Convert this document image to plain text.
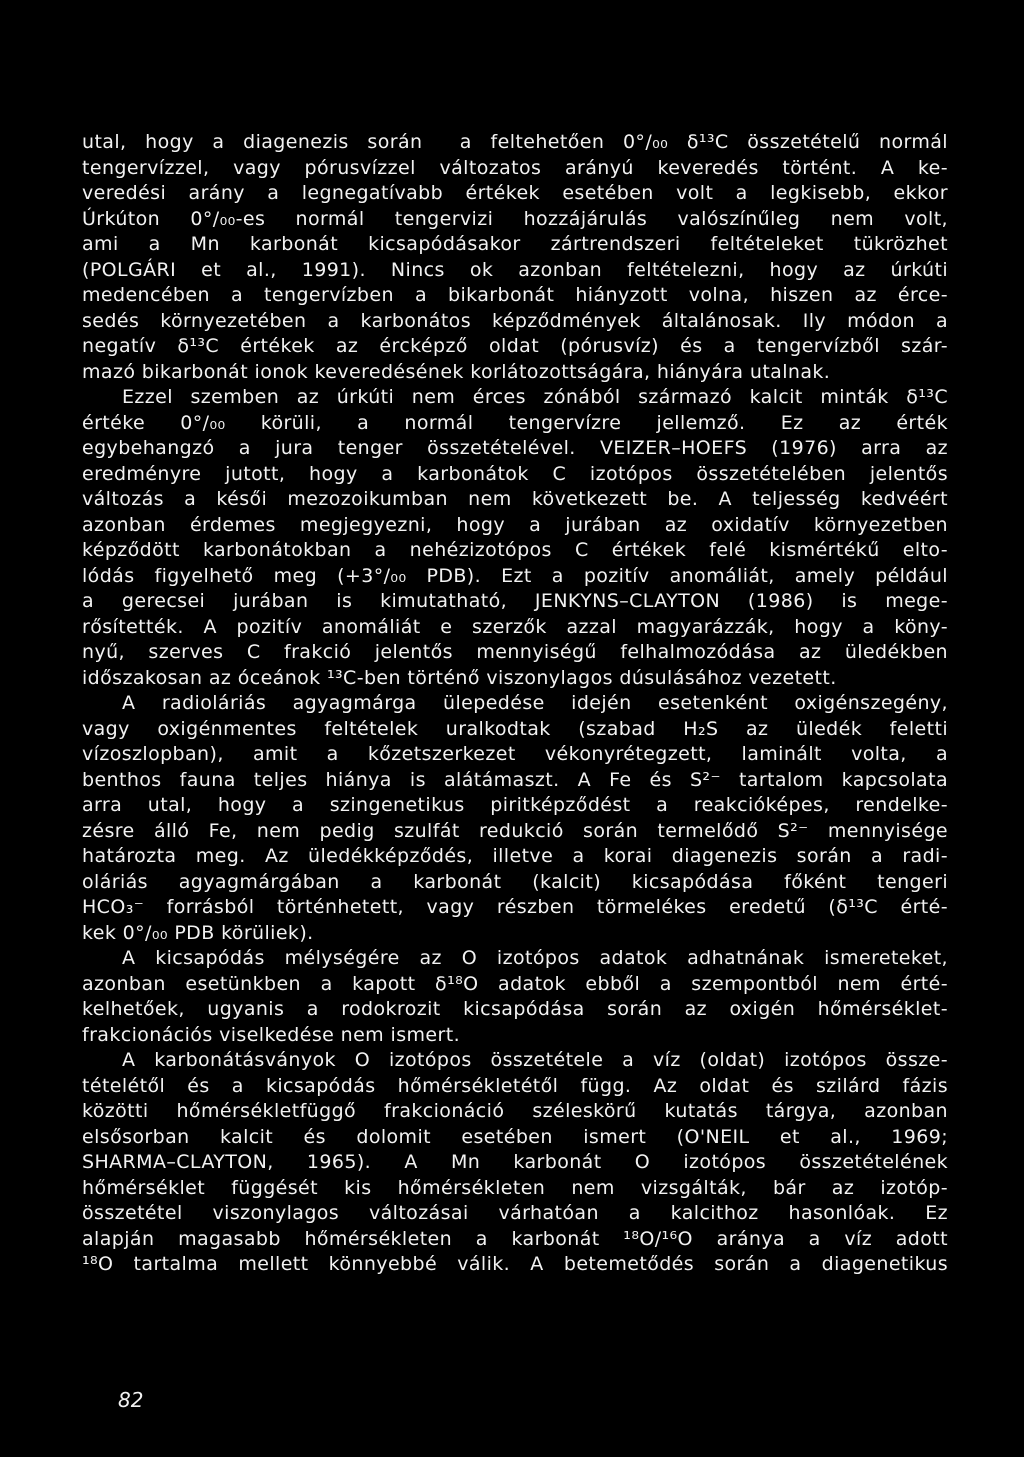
utal, hogy a diagenezis során  a feltehetően 0°/₀₀ δ¹³C összetételű normál
tengervízzel, vagy pórusvízzel változatos arányú keveredés történt. A ke-
veredési arány a legnegatívabb értékek esetében volt a legkisebb, ekkor
Úrkúton 0°/₀₀-es normál tengervizi hozzájárulás valószínűleg nem volt,
ami a Mn karbonát kicsapódásakor zártrendszeri feltételeket tükrözhet
(POLGÁRI et al., 1991). Nincs ok azonban feltételezni, hogy az úrkúti
medencében a tengervízben a bikarbonát hiányzott volna, hiszen az érce-
sedés környezetében a karbonátos képződmények általánosak. Ily módon a
negatív δ¹³C értékek az ércképző oldat (pórusvíz) és a tengervízből szár-
mazó bikarbonát ionok keveredésének korlátozottságára, hiányára utalnak.
Ezzel szemben az úrkúti nem érces zónából származó kalcit minták δ¹³C
értéke 0°/₀₀ körüli, a normál tengervízre jellemző. Ez az érték
egybehangzó a jura tenger összetételével. VEIZER–HOEFS (1976) arra az
eredményre jutott, hogy a karbonátok C izotópos összetételében jelentős
változás a késői mezozoikumban nem következett be. A teljesség kedvéért
azonban érdemes megjegyezni, hogy a jurában az oxidatív környezetben
képződött karbonátokban a nehézizotópos C értékek felé kismértékű elto-
lódás figyelhető meg (+3°/₀₀ PDB). Ezt a pozitív anomáliát, amely például
a gerecsei jurában is kimutatható, JENKYNS–CLAYTON (1986) is mege-
rősítették. A pozitív anomáliát e szerzők azzal magyarázzák, hogy a köny-
nyű, szerves C frakció jelentős mennyiségű felhalmozódása az üledékben
időszakosan az óceánok ¹³C-ben történő viszonylagos dúsulásához vezetett.
A radioláriás agyagmárga ülepedése idején esetenként oxigénszegény,
vagy oxigénmentes feltételek uralkodtak (szabad H₂S az üledék feletti
vízoszlopban), amit a kőzetszerkezet vékonyrétegzett, laminált volta, a
benthos fauna teljes hiánya is alátámaszt. A Fe és S²⁻ tartalom kapcsolata
arra utal, hogy a szingenetikus piritképződést a reakcióképes, rendelke-
zésre álló Fe, nem pedig szulfát redukció során termelődő S²⁻ mennyisége
határozta meg. Az üledékképződés, illetve a korai diagenezis során a radi-
oláriás agyagmárgában a karbonát (kalcit) kicsapódása főként tengeri
HCO₃⁻ forrásból történhetett, vagy részben törmelékes eredetű (δ¹³C érté-
kek 0°/₀₀ PDB körüliek).
A kicsapódás mélységére az O izotópos adatok adhatnának ismereteket,
azonban esetünkben a kapott δ¹⁸O adatok ebből a szempontból nem érté-
kelhetőek, ugyanis a rodokrozit kicsapódása során az oxigén hőmérséklet-
frakcionációs viselkedése nem ismert.
A karbonátásványok O izotópos összetétele a víz (oldat) izotópos össze-
tételétől és a kicsapódás hőmérsékletétől függ. Az oldat és szilárd fázis
közötti hőmérsékletfüggő frakcionáció széleskörű kutatás tárgya, azonban
elsősorban kalcit és dolomit esetében ismert (O'NEIL et al., 1969;
SHARMA–CLAYTON, 1965). A Mn karbonát O izotópos összetételének
hőmérséklet függését kis hőmérsékleten nem vizsgálták, bár az izotóp-
összetétel viszonylagos változásai várhatóan a kalcithoz hasonlóak. Ez
alapján magasabb hőmérsékleten a karbonát ¹⁸O/¹⁶O aránya a víz adott
¹⁸O tartalma mellett könnyebbé válik. A betemetődés során a diagenetikus
82
